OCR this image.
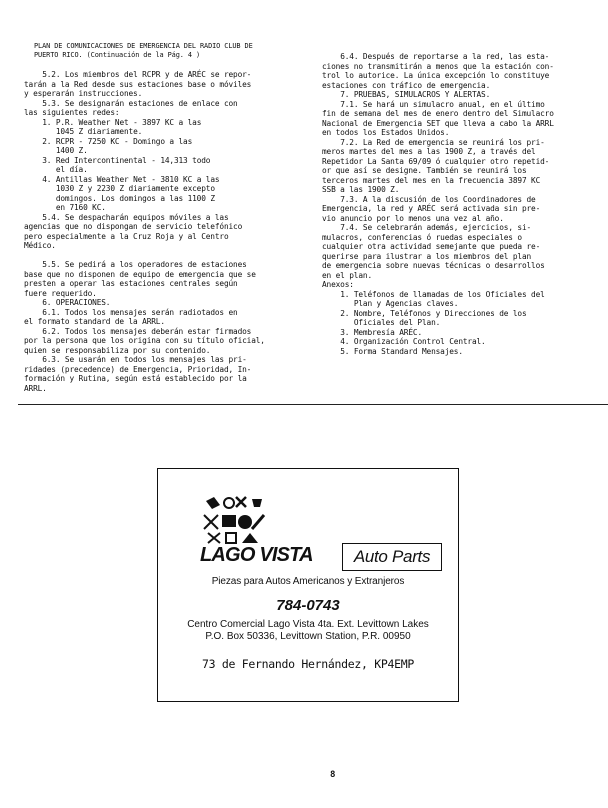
PLAN DE COMUNICACIONES DE EMERGENCIA DEL RADIO CLUB DE
PUERTO RICO. (Continuación de la Pág. 4 )

5.2. Los miembros del RCPR y de ARÉC se repor-

tarán a la Red desde sus estaciones base o móviles

y esperarán instrucciones.

5.3. Se designarán estaciones de enlace con

las siguientes redes:

1. P.R. Weather Net - 3897 KC a las

1045 Z diariamente.

2. RCPR - 7250 KC - Domingo a las

1400 Z.

3. Red Intercontinental - 14,313 todo

el día.

4. Antillas Weather Net - 3810 KC a las

1030 Z y 2230 Z diariamente excepto

domingos. Los domingos a las 1100 Z

en 7160 KC.

5.4. Se despacharán equipos móviles a las

agencias que no dispongan de servicio telefónico

pero especialmente a la Cruz Roja y al Centro

Médico.

5.5. Se pedirá a los operadores de estaciones

base que no disponen de equipo de emergencia que se

presten a operar las estaciones centrales según

fuere requerido.

6. OPERACIONES.

6.1. Todos los mensajes serán radiotados en

el formato standard de la ARRL.

6.2. Todos los mensajes deberán estar firmados

por la persona que los origina con su título oficial,

quien se responsabiliza por su contenido.

6.3. Se usarán en todos los mensajes las pri-

ridades (precedence) de Emergencia, Prioridad, In-

formación y Rutina, según está establecido por la

ARRL.

6.4. Después de reportarse a la red, las esta-

ciones no transmitirán a menos que la estación con-

trol lo autorice. La única excepción lo constituye

estaciones con tráfico de emergencia.

7. PRUEBAS, SIMULACROS Y ALERTAS.

7.1. Se hará un simulacro anual, en el último

fin de semana del mes de enero dentro del Simulacro

Nacional de Emergencia SET que lleva a cabo la ARRL

en todos los Estados Unidos.

7.2. La Red de emergencia se reunirá los pri-

meros martes del mes a las 1900 Z, a través del

Repetidor La Santa 69/09 ó cualquier otro repetid-

or que así se designe. También se reunirá los

terceros martes del mes en la frecuencia 3897 KC

SSB a las 1900 Z.

7.3. A la discusión de los Coordinadores de

Emergencia, la red y ARÉC será activada sin pre-

vio anuncio por lo menos una vez al año.

7.4. Se celebrarán además, ejercicios, si-

mulacros, conferencias ó ruedas especiales o

cualquier otra actividad semejante que pueda re-

querirse para ilustrar a los miembros del plan

de emergencia sobre nuevas técnicas o desarrollos

en el plan.

Anexos:

1. Teléfonos de llamadas de los Oficiales del

Plan y Agencias claves.

2. Nombre, Teléfonos y Direcciones de los

Oficiales del Plan.

3. Membresía ARÉC.

4. Organización Control Central.

5. Forma Standard Mensajes.

LAGO VISTA	Auto Parts
Piezas para Autos Americanos y Extranjeros
784-0743
Centro Comercial Lago Vista 4ta. Ext. Levittown Lakes
P.O. Box 50336, Levittown Station, P.R. 00950
73 de Fernando Hernández, KP4EMP
8
